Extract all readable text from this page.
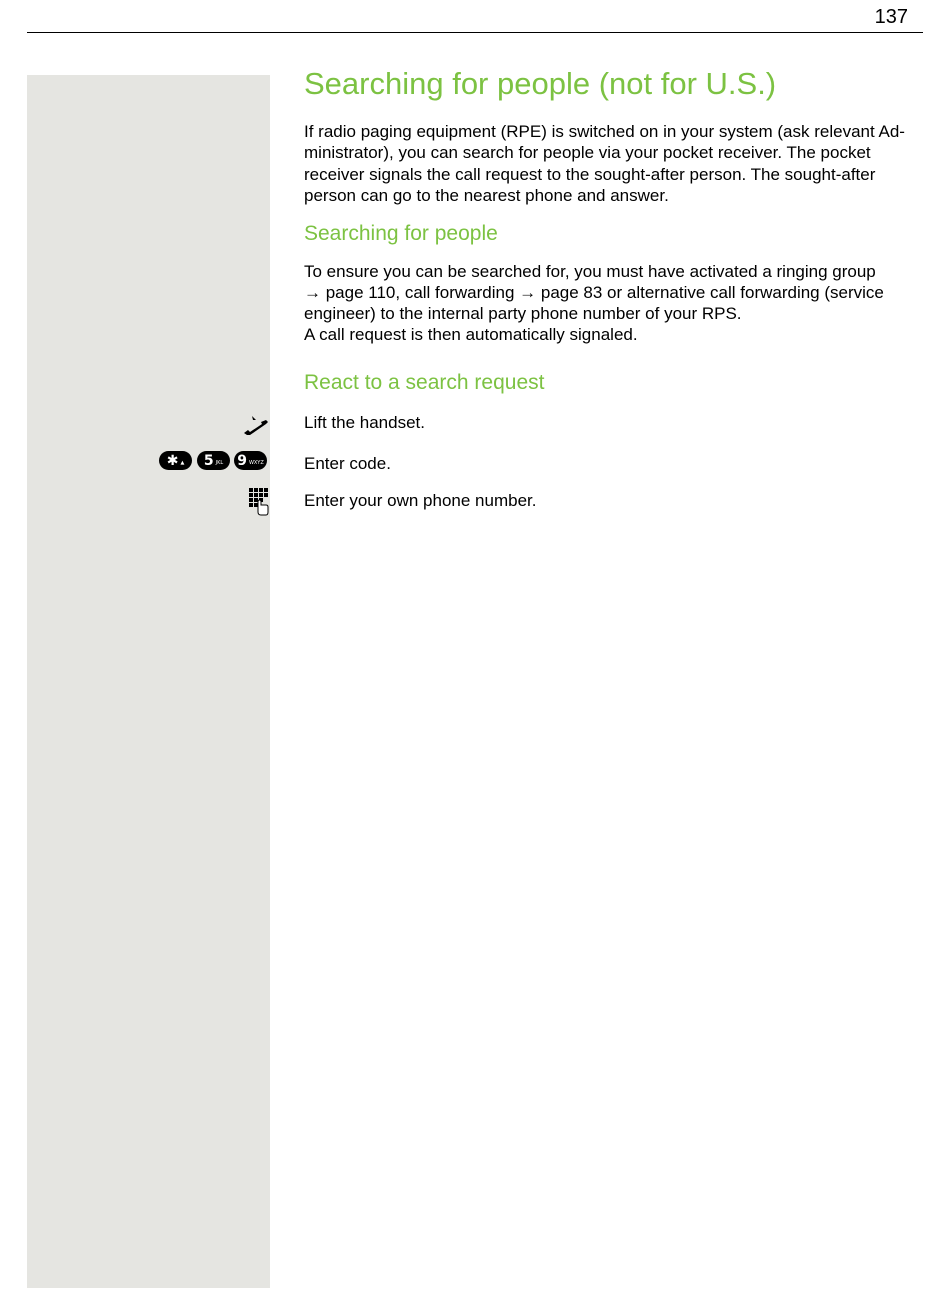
137
✱ ▲ 5 JKL 9 WXYZ
Searching for people (not for U.S.)

If radio paging equipment (RPE) is switched on in your system (ask relevant Ad-

ministrator), you can search for people via your pocket receiver. The pocket

receiver signals the call request to the sought-after person. The sought-after

person can go to the nearest phone and answer.

Searching for people

To ensure you can be searched for, you must have activated a ringing group

→ page 110, call forwarding → page 83 or alternative call forwarding (service

engineer) to the internal party phone number of your RPS.

A call request is then automatically signaled.

React to a search request
Lift the handset.
Enter code.
Enter your own phone number.
